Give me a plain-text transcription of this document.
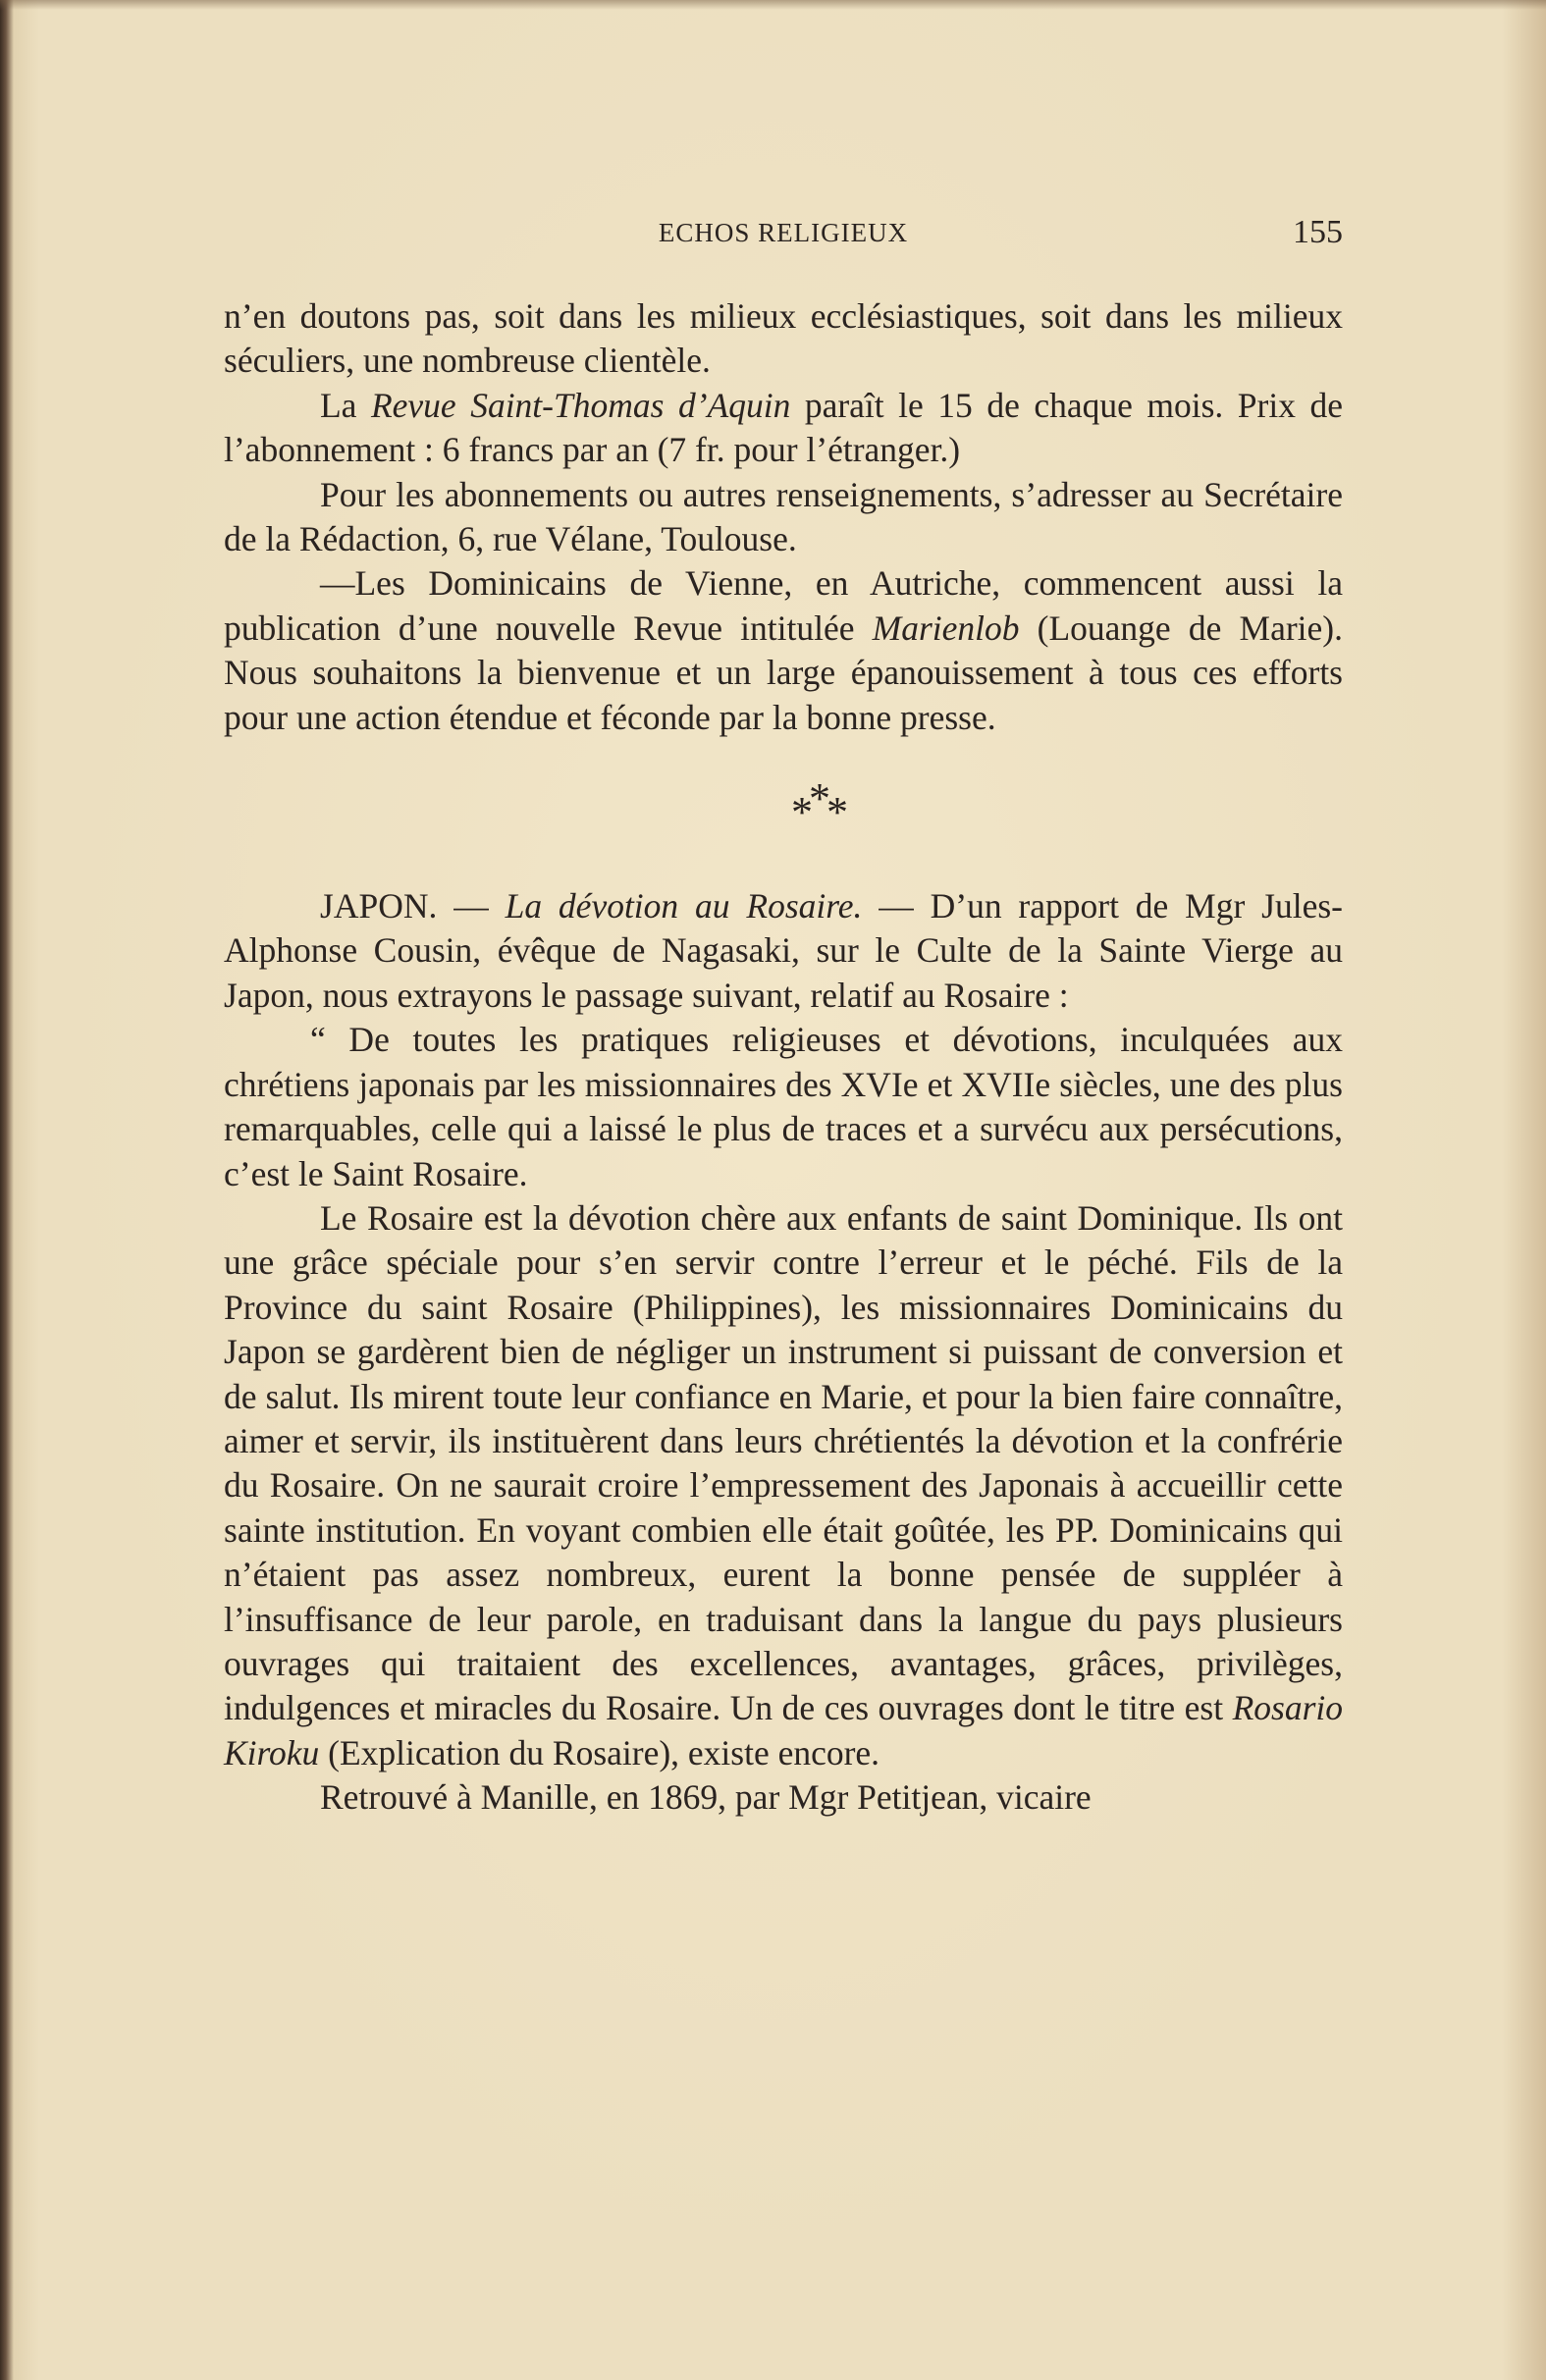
ECHOS RELIGIEUX	155

n’en doutons pas, soit dans les milieux ecclésiastiques, soit dans les milieux séculiers, une nombreuse clientèle.

La Revue Saint-Thomas d’Aquin paraît le 15 de chaque mois. Prix de l’abonnement : 6 francs par an (7 fr. pour l’étranger.)

Pour les abonnements ou autres renseignements, s’adresser au Secrétaire de la Rédaction, 6, rue Vélane, Toulouse.

—Les Dominicains de Vienne, en Autriche, commencent aussi la publication d’une nouvelle Revue intitulée Marienlob (Louange de Marie). Nous souhaitons la bienvenue et un large épanouissement à tous ces efforts pour une action étendue et féconde par la bonne presse.

***

JAPON. — La dévotion au Rosaire. — D’un rapport de Mgr Jules-Alphonse Cousin, évêque de Nagasaki, sur le Culte de la Sainte Vierge au Japon, nous extrayons le passage suivant, relatif au Rosaire :

“ De toutes les pratiques religieuses et dévotions, inculquées aux chrétiens japonais par les missionnaires des XVIe et XVIIe siècles, une des plus remarquables, celle qui a laissé le plus de traces et a survécu aux persécutions, c’est le Saint Rosaire.

Le Rosaire est la dévotion chère aux enfants de saint Dominique. Ils ont une grâce spéciale pour s’en servir contre l’erreur et le péché. Fils de la Province du saint Rosaire (Philippines), les missionnaires Dominicains du Japon se gardèrent bien de négliger un instrument si puissant de conversion et de salut. Ils mirent toute leur confiance en Marie, et pour la bien faire connaître, aimer et servir, ils instituèrent dans leurs chrétientés la dévotion et la confrérie du Rosaire. On ne saurait croire l’empressement des Japonais à accueillir cette sainte institution. En voyant combien elle était goûtée, les PP. Dominicains qui n’étaient pas assez nombreux, eurent la bonne pensée de suppléer à l’insuffisance de leur parole, en traduisant dans la langue du pays plusieurs ouvrages qui traitaient des excellences, avantages, grâces, privilèges, indulgences et miracles du Rosaire. Un de ces ouvrages dont le titre est Rosario Kiroku (Explication du Rosaire), existe encore.

Retrouvé à Manille, en 1869, par Mgr Petitjean, vicaire
